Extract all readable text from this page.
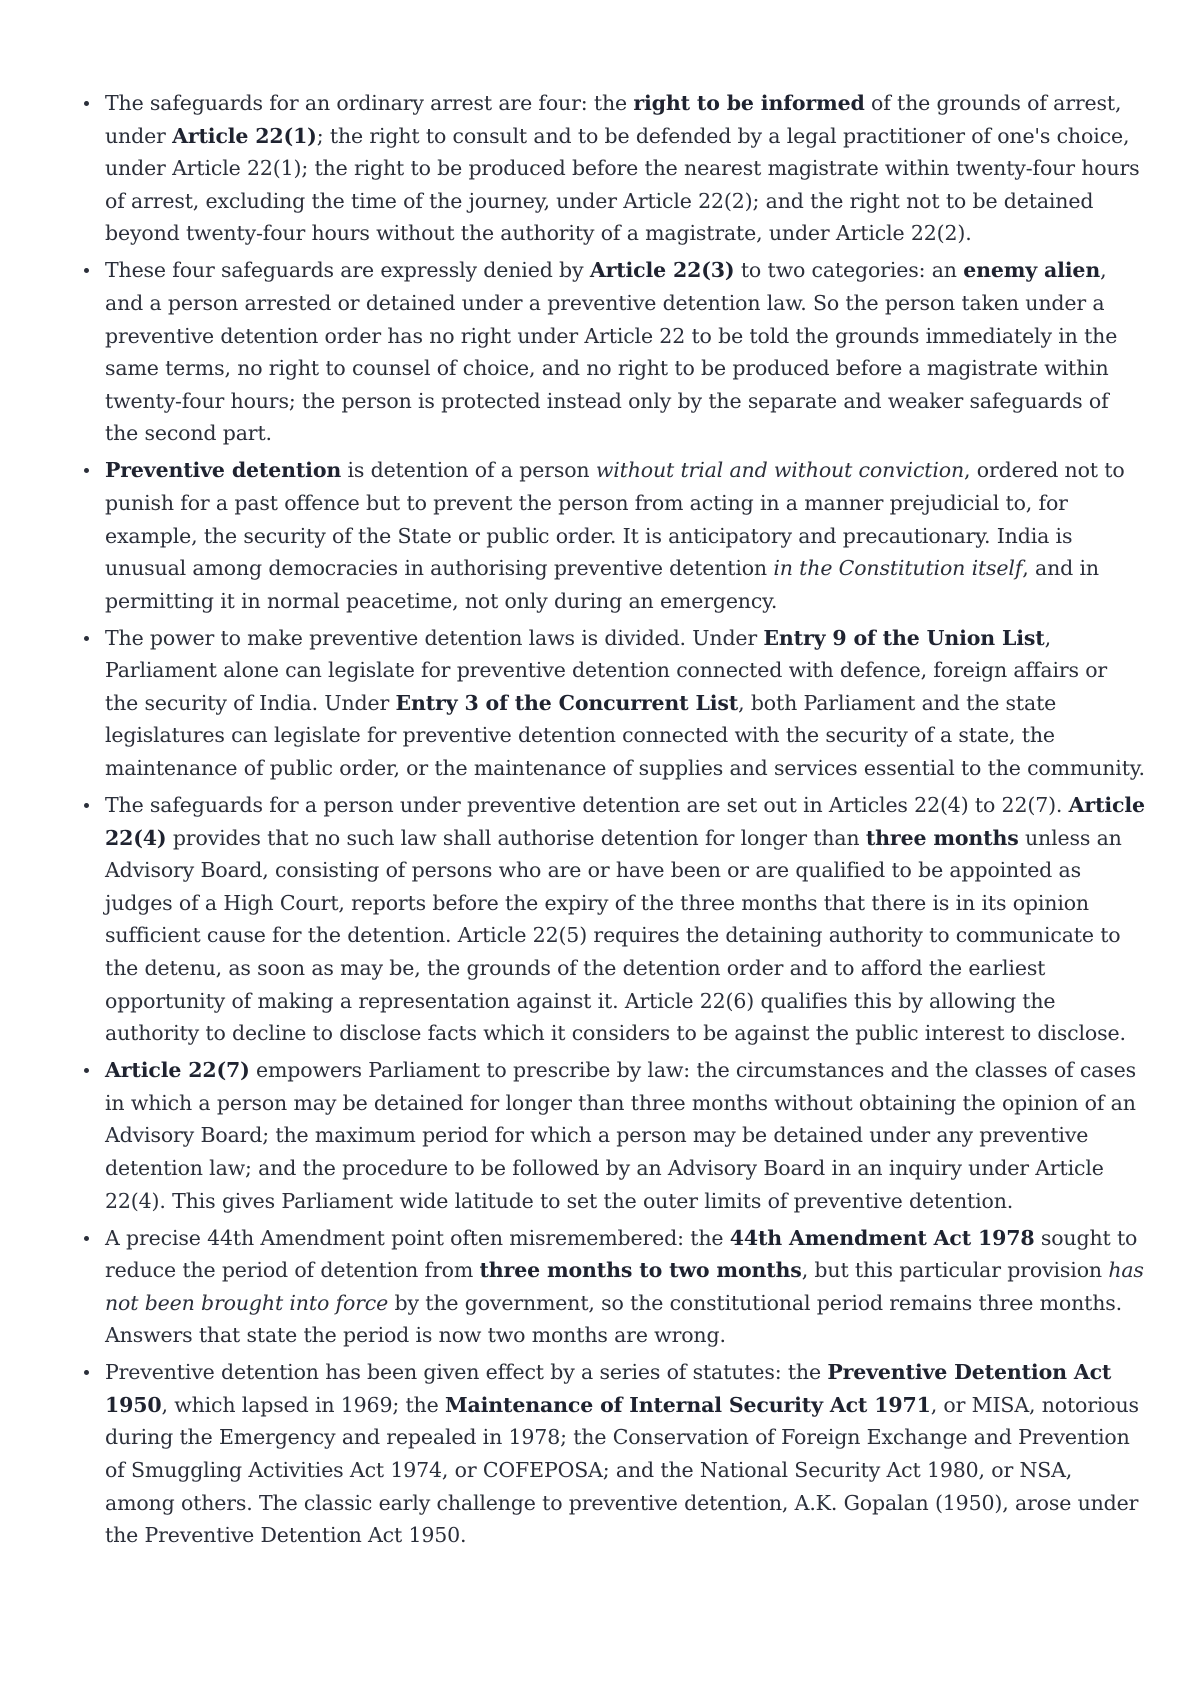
The safeguards for an ordinary arrest are four: the right to be informed of the grounds of arrest, under Article 22(1); the right to consult and to be defended by a legal practitioner of one's choice, under Article 22(1); the right to be produced before the nearest magistrate within twenty-four hours of arrest, excluding the time of the journey, under Article 22(2); and the right not to be detained beyond twenty-four hours without the authority of a magistrate, under Article 22(2).
These four safeguards are expressly denied by Article 22(3) to two categories: an enemy alien, and a person arrested or detained under a preventive detention law. So the person taken under a preventive detention order has no right under Article 22 to be told the grounds immediately in the same terms, no right to counsel of choice, and no right to be produced before a magistrate within twenty-four hours; the person is protected instead only by the separate and weaker safeguards of the second part.
Preventive detention is detention of a person without trial and without conviction, ordered not to punish for a past offence but to prevent the person from acting in a manner prejudicial to, for example, the security of the State or public order. It is anticipatory and precautionary. India is unusual among democracies in authorising preventive detention in the Constitution itself, and in permitting it in normal peacetime, not only during an emergency.
The power to make preventive detention laws is divided. Under Entry 9 of the Union List, Parliament alone can legislate for preventive detention connected with defence, foreign affairs or the security of India. Under Entry 3 of the Concurrent List, both Parliament and the state legislatures can legislate for preventive detention connected with the security of a state, the maintenance of public order, or the maintenance of supplies and services essential to the community.
The safeguards for a person under preventive detention are set out in Articles 22(4) to 22(7). Article 22(4) provides that no such law shall authorise detention for longer than three months unless an Advisory Board, consisting of persons who are or have been or are qualified to be appointed as judges of a High Court, reports before the expiry of the three months that there is in its opinion sufficient cause for the detention. Article 22(5) requires the detaining authority to communicate to the detenu, as soon as may be, the grounds of the detention order and to afford the earliest opportunity of making a representation against it. Article 22(6) qualifies this by allowing the authority to decline to disclose facts which it considers to be against the public interest to disclose.
Article 22(7) empowers Parliament to prescribe by law: the circumstances and the classes of cases in which a person may be detained for longer than three months without obtaining the opinion of an Advisory Board; the maximum period for which a person may be detained under any preventive detention law; and the procedure to be followed by an Advisory Board in an inquiry under Article 22(4). This gives Parliament wide latitude to set the outer limits of preventive detention.
A precise 44th Amendment point often misremembered: the 44th Amendment Act 1978 sought to reduce the period of detention from three months to two months, but this particular provision has not been brought into force by the government, so the constitutional period remains three months. Answers that state the period is now two months are wrong.
Preventive detention has been given effect by a series of statutes: the Preventive Detention Act 1950, which lapsed in 1969; the Maintenance of Internal Security Act 1971, or MISA, notorious during the Emergency and repealed in 1978; the Conservation of Foreign Exchange and Prevention of Smuggling Activities Act 1974, or COFEPOSA; and the National Security Act 1980, or NSA, among others. The classic early challenge to preventive detention, A.K. Gopalan (1950), arose under the Preventive Detention Act 1950.
